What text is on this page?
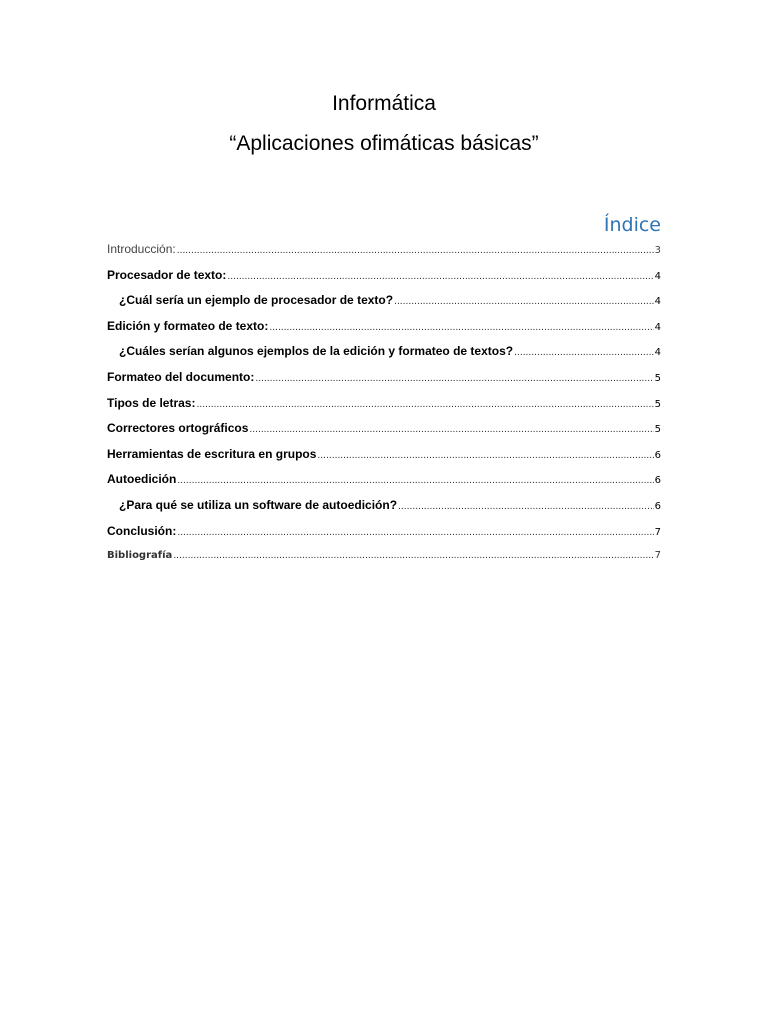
Informática
“Aplicaciones ofimáticas básicas”
Índice
Introducción: .....	3
Procesador de texto: .....	4
¿Cuál sería un ejemplo de procesador de texto? .....	4
Edición y formateo de texto: .....	4
¿Cuáles serían algunos ejemplos de la edición y formateo de textos? .....	4
Formateo del documento: .....	5
Tipos de letras: .....	5
Correctores ortográficos .....	5
Herramientas de escritura en grupos .....	6
Autoedición .....	6
¿Para qué se utiliza un software de autoedición? .....	6
Conclusión: .....	7
Bibliografía .....	7
